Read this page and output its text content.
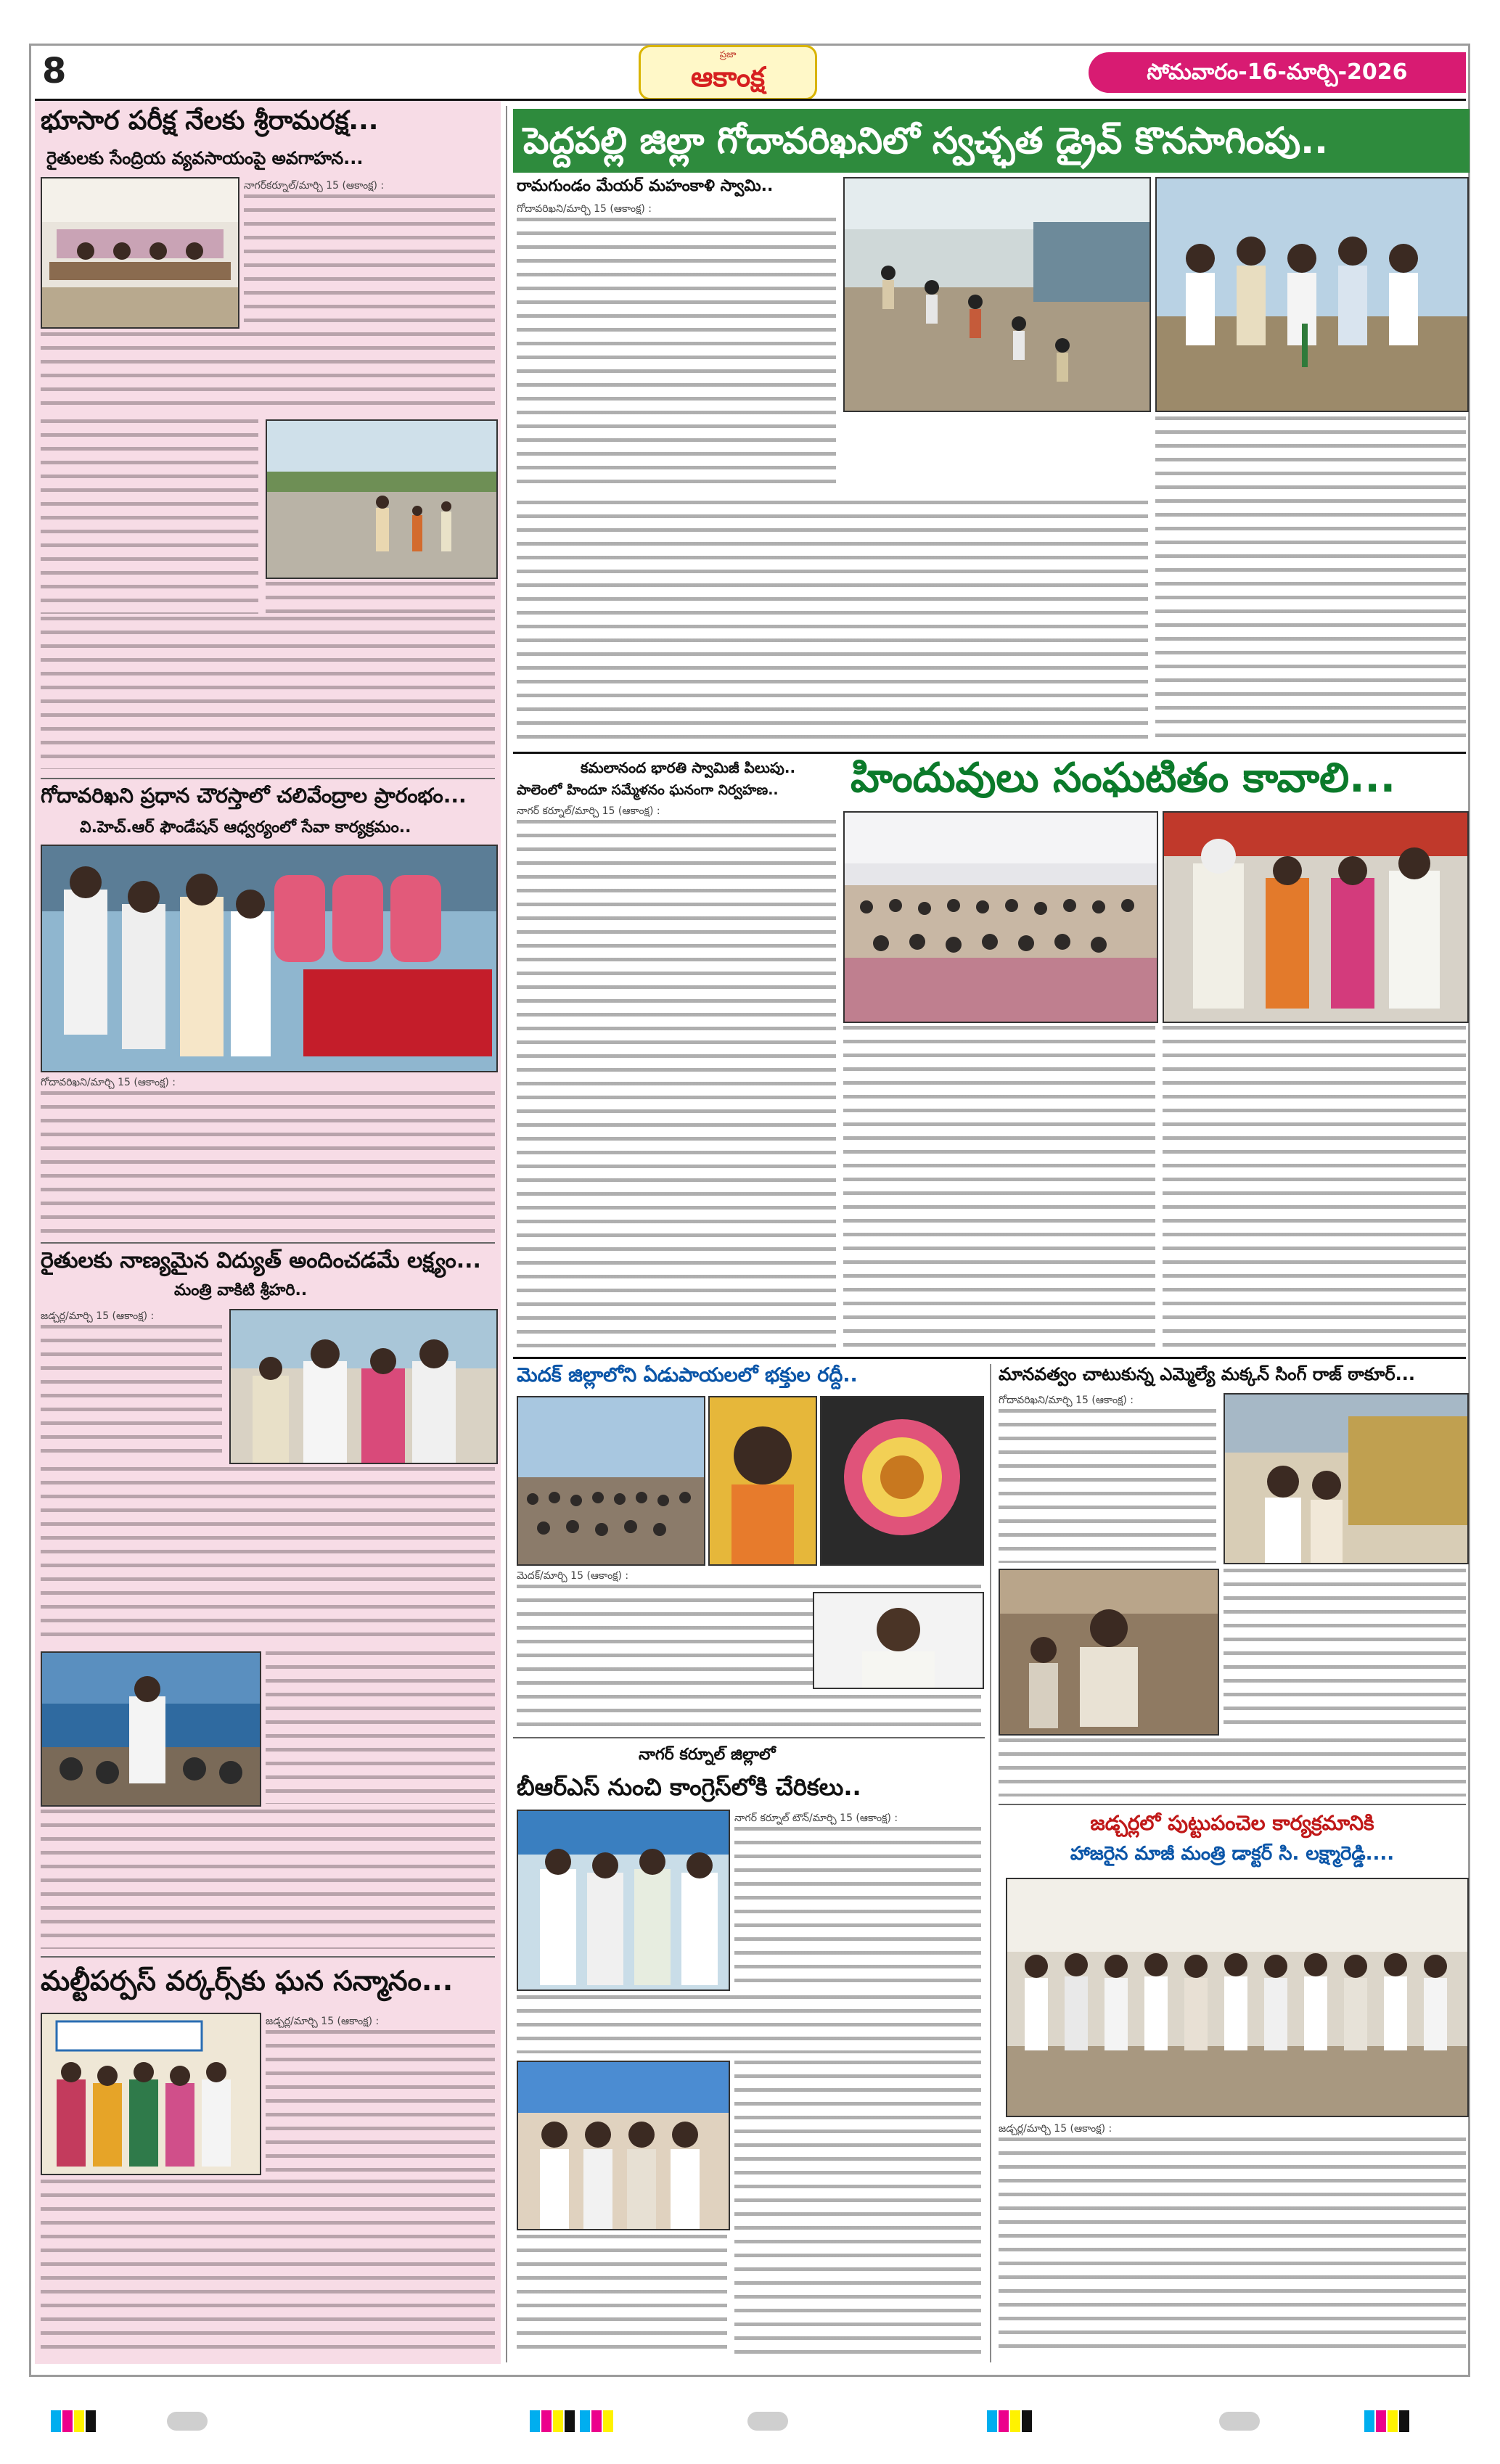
8	ప్రజా
ఆకాంక్ష	సోమవారం-16-మార్చి-2026
భూసార పరీక్ష నేలకు శ్రీరామరక్ష...
రైతులకు సేంద్రియ వ్యవసాయంపై అవగాహన...
నాగర్‌కర్నూల్/మార్చి 15 (ఆకాంక్ష) :
గోదావరిఖని ప్రధాన చౌరస్తాలో చలివేంద్రాల ప్రారంభం...
వి.హెచ్.ఆర్ ఫౌండేషన్ ఆధ్వర్యంలో సేవా కార్యక్రమం..
గోదావరిఖని/మార్చి 15 (ఆకాంక్ష) :
రైతులకు నాణ్యమైన విద్యుత్ అందించడమే లక్ష్యం...
మంత్రి వాకిటి శ్రీహరి..
జడ్చర్ల/మార్చి 15 (ఆకాంక్ష) :
మల్టీపర్పస్ వర్కర్స్‌కు ఘన సన్మానం...
జడ్చర్ల/మార్చి 15 (ఆకాంక్ష) :
పెద్దపల్లి జిల్లా గోదావరిఖనిలో స్వచ్ఛత డ్రైవ్ కొనసాగింపు..
రామగుండం మేయర్ మహంకాళి స్వామి..
గోదావరిఖని/మార్చి 15 (ఆకాంక్ష) :
కమలానంద భారతి స్వామిజీ పిలుపు..
పాలెంలో హిందూ సమ్మేళనం ఘనంగా నిర్వహణ..	హిందువులు సంఘటితం కావాలి...
నాగర్ కర్నూల్/మార్చి 15 (ఆకాంక్ష) :
మెదక్ జిల్లాలోని ఏడుపాయలలో భక్తుల రద్దీ..
మెదక్/మార్చి 15 (ఆకాంక్ష) :
నాగర్ కర్నూల్ జిల్లాలో
బీఆర్ఎస్ నుంచి కాంగ్రెస్‌లోకి చేరికలు..
నాగర్ కర్నూల్ టౌన్/మార్చి 15 (ఆకాంక్ష) :
మానవత్వం చాటుకున్న ఎమ్మెల్యే మక్కన్ సింగ్ రాజ్ ఠాకూర్...
గోదావరిఖని/మార్చి 15 (ఆకాంక్ష) :
జడ్చర్లలో పుట్టుపంచెల కార్యక్రమానికి
హాజరైన మాజీ మంత్రి డాక్టర్ సి. లక్ష్మారెడ్డి....
జడ్చర్ల/మార్చి 15 (ఆకాంక్ష) :
